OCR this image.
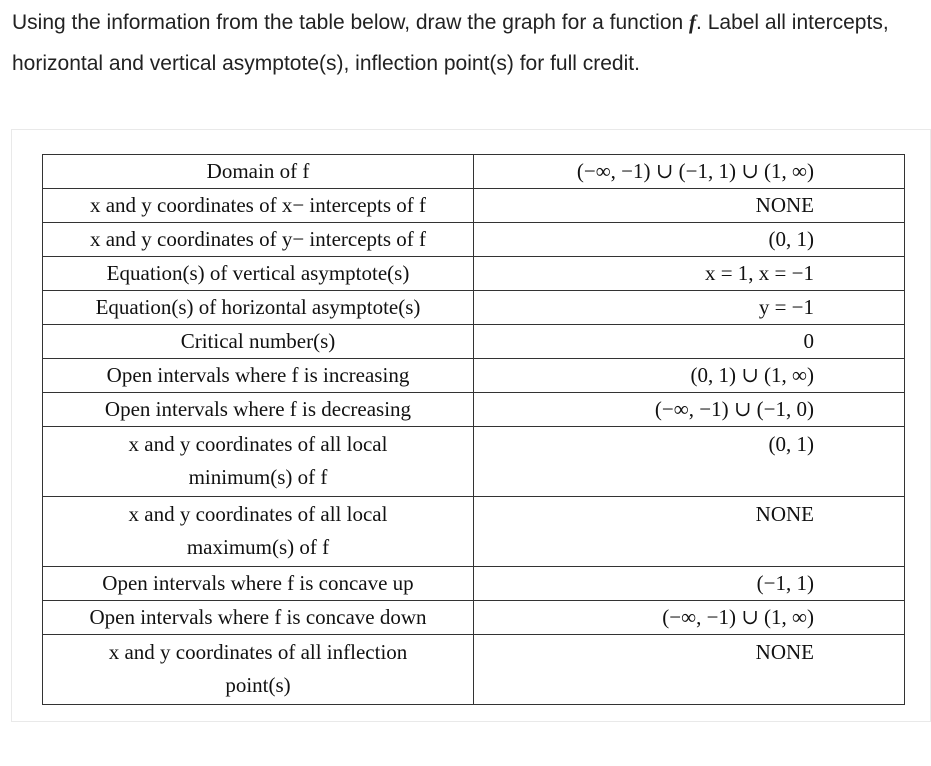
Using the information from the table below, draw the graph for a function f. Label all intercepts, horizontal and vertical asymptote(s), inflection point(s) for full credit.
Domain of f	(−∞, −1) ∪ (−1, 1) ∪ (1, ∞)
x and y coordinates of x− intercepts of f	NONE
x and y coordinates of y− intercepts of f	(0, 1)
Equation(s) of vertical asymptote(s)	x = 1, x = −1
Equation(s) of horizontal asymptote(s)	y = −1
Critical number(s)	0
Open intervals where f is increasing	(0, 1) ∪ (1, ∞)
Open intervals where f is decreasing	(−∞, −1) ∪ (−1, 0)

x and y coordinates of all local
minimum(s) of f	(0, 1)

x and y coordinates of all local
maximum(s) of f	NONE
Open intervals where f is concave up	(−1, 1)
Open intervals where f is concave down	(−∞, −1) ∪ (1, ∞)

x and y coordinates of all inflection
point(s)	NONE
